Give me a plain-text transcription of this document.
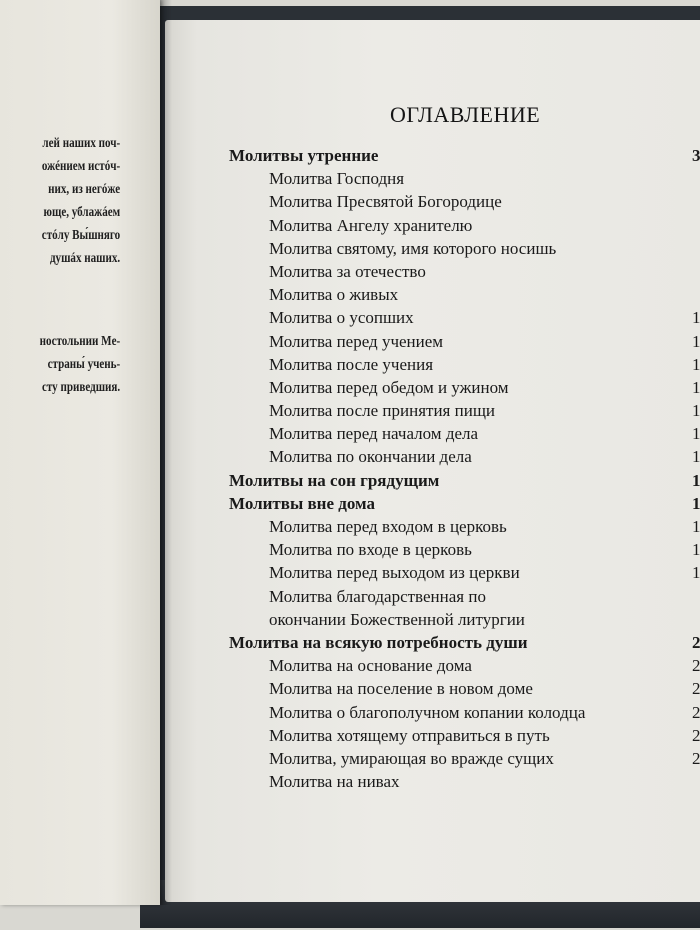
лей наших поч-
ожéнием истóч-
них, из негóже
ющe, ублажáем
стóлу Вы́шняго
душáх наших.
ностольнии Me-
страны́ учень-
сту приведшия.
ОГЛАВЛЕНИЕ
Молитвы утренние	3
Молитва Господня
Молитва Пресвятой Богородице
Молитва Ангелу хранителю
Молитва святому, имя которого носишь
Молитва за отечество
Молитва о живых
Молитва о усопших	1
Молитва перед учением	1
Молитва после учения	1
Молитва перед обедом и ужином	1
Молитва после принятия пищи	1
Молитва перед началом дела	1
Молитва по окончании дела	1
Молитвы на сон грядущим	1
Молитвы вне дома	1
Молитва перед входом в церковь	1
Молитва по входе в церковь	1
Молитва перед выходом из церкви	1
Молитва благодарственная по
окончании Божественной литургии
Молитва на всякую потребность души	2
Молитва на основание дома	2
Молитва на поселение в новом доме	2
Молитва о благополучном копании колодца	2
Молитва хотящему отправиться в путь	2
Молитва, умирающая во вражде сущих	2
Молитва на нивах
